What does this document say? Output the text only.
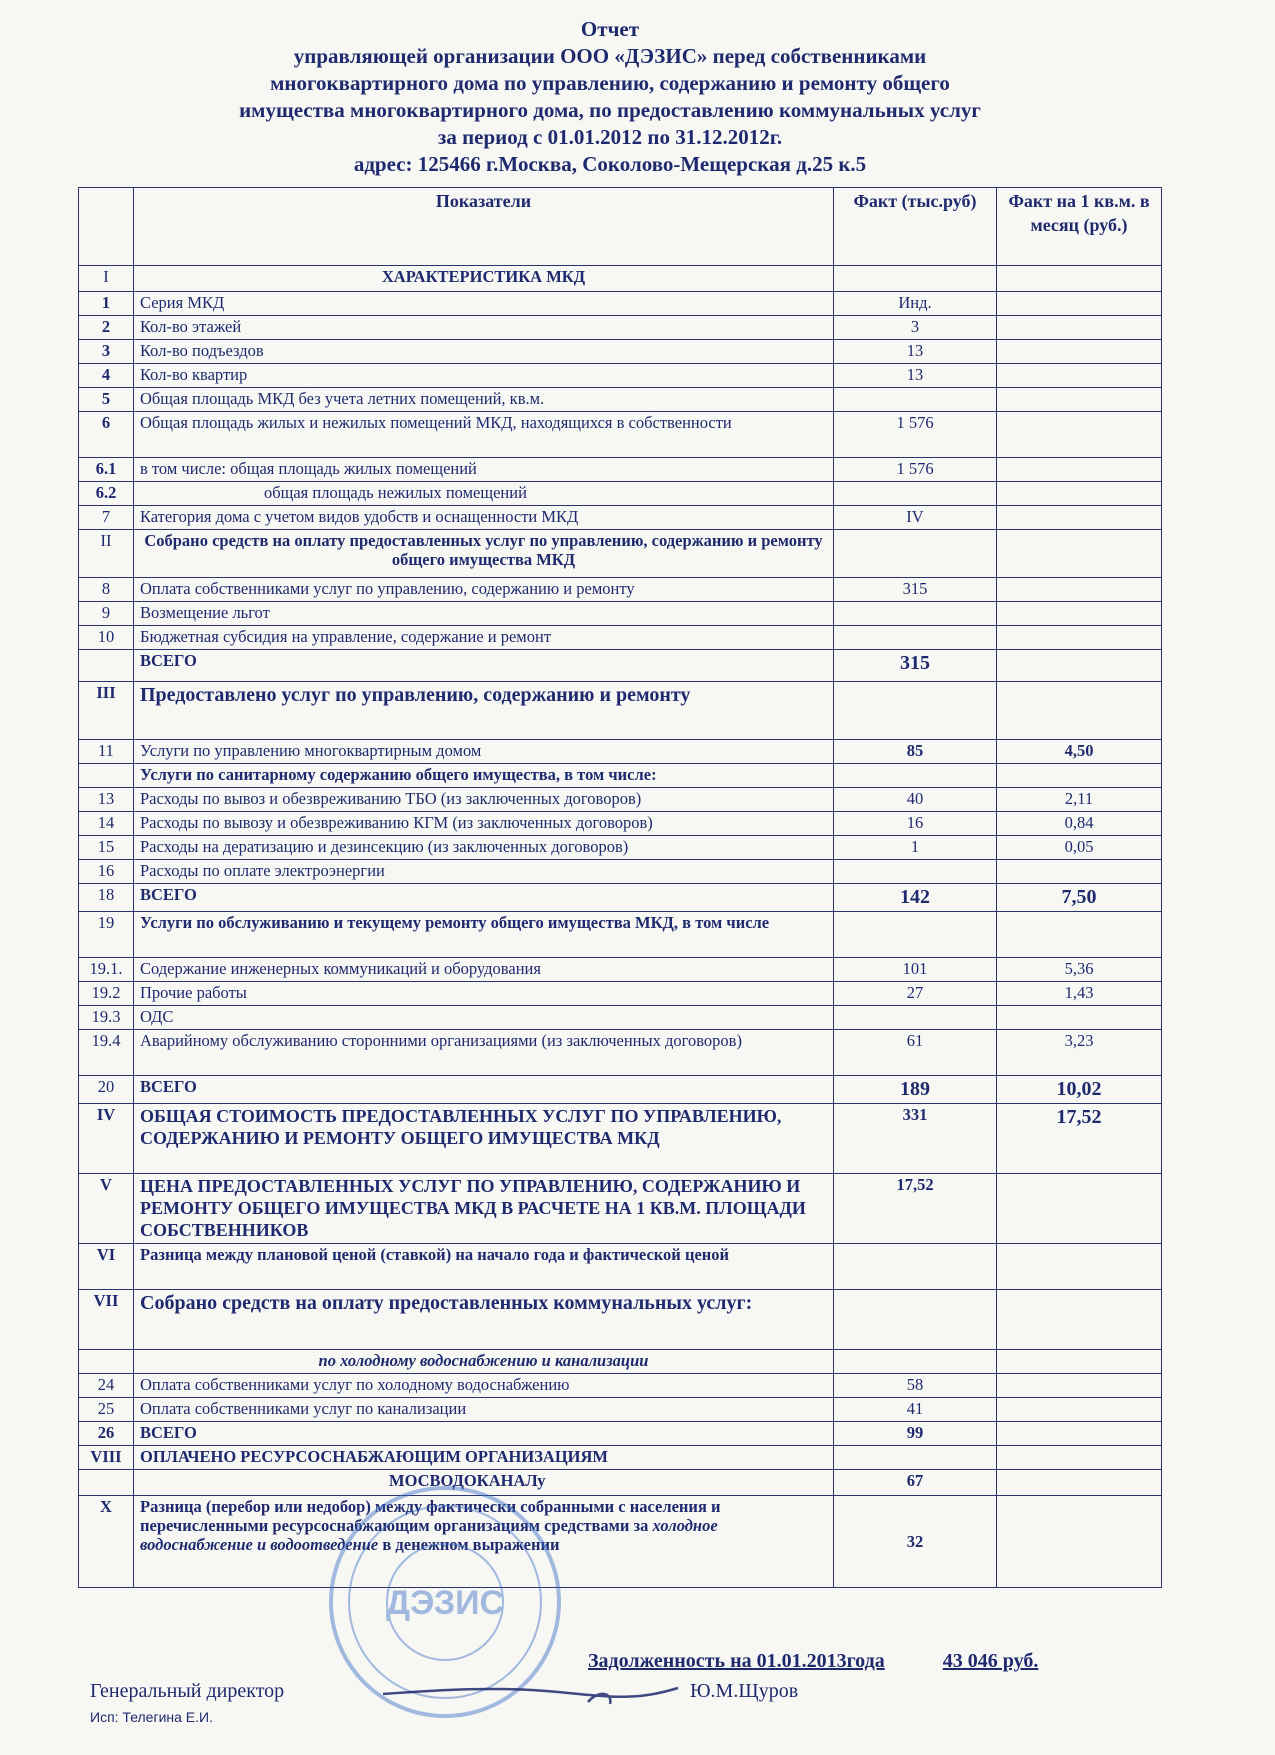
Отчет
управляющей организации ООО «ДЭЗИС» перед собственниками
многоквартирного дома по управлению, содержанию и ремонту общего
имущества многоквартирного дома, по предоставлению коммунальных услуг
за период с 01.01.2012 по 31.12.2012г.
адрес: 125466 г.Москва, Соколово-Мещерская д.25 к.5
	Показатели	Факт (тыс.руб)	Факт на 1 кв.м. в месяц (руб.)
I	ХАРАКТЕРИСТИКА МКД		
1	Серия МКД	Инд.	
2	Кол-во этажей	3	
3	Кол-во подъездов	13	
4	Кол-во квартир	13	
5	Общая площадь МКД без учета летних помещений, кв.м.		
6	Общая площадь жилых и нежилых помещений МКД, находящихся в собственности	1 576	
6.1	в том числе: общая площадь жилых помещений	1 576	
6.2	общая площадь нежилых помещений		
7	Категория дома с учетом видов удобств и оснащенности МКД	IV	
II	Собрано средств на оплату предоставленных услуг по управлению, содержанию и ремонту общего имущества МКД		
8	Оплата собственниками услуг по управлению, содержанию и ремонту	315	
9	Возмещение льгот		
10	Бюджетная субсидия на управление, содержание и ремонт		
	ВСЕГО	315	
III	Предоставлено услуг по управлению, содержанию и ремонту		
11	Услуги по управлению многоквартирным домом	85	4,50
	Услуги по санитарному содержанию общего имущества, в том числе:		
13	Расходы по вывоз и обезвреживанию ТБО (из заключенных договоров)	40	2,11
14	Расходы по вывозу и обезвреживанию КГМ (из заключенных договоров)	16	0,84
15	Расходы на дератизацию и дезинсекцию (из заключенных договоров)	1	0,05
16	Расходы по оплате электроэнергии		
18	ВСЕГО	142	7,50
19	Услуги по обслуживанию и текущему ремонту общего имущества МКД, в том числе		
19.1.	Содержание инженерных коммуникаций и оборудования	101	5,36
19.2	Прочие работы	27	1,43
19.3	ОДС		
19.4	Аварийному обслуживанию сторонними организациями (из заключенных договоров)	61	3,23
20	ВСЕГО	189	10,02
IV	ОБЩАЯ СТОИМОСТЬ ПРЕДОСТАВЛЕННЫХ УСЛУГ ПО УПРАВЛЕНИЮ, СОДЕРЖАНИЮ И РЕМОНТУ ОБЩЕГО ИМУЩЕСТВА МКД	331	17,52
V	ЦЕНА ПРЕДОСТАВЛЕННЫХ УСЛУГ ПО УПРАВЛЕНИЮ, СОДЕРЖАНИЮ И РЕМОНТУ ОБЩЕГО ИМУЩЕСТВА МКД В РАСЧЕТЕ НА 1 КВ.М. ПЛОЩАДИ СОБСТВЕННИКОВ	17,52	
VI	Разница между плановой ценой (ставкой) на начало года и фактической ценой		
VII	Собрано средств на оплату предоставленных коммунальных услуг:		
	по холодному водоснабжению и канализации		
24	Оплата собственниками услуг по холодному водоснабжению	58	
25	Оплата собственниками услуг по канализации	41	
26	ВСЕГО	99	
VIII	ОПЛАЧЕНО РЕСУРСОСНАБЖАЮЩИМ ОРГАНИЗАЦИЯМ		
	МОСВОДОКАНАЛу	67	
X	Разница (перебор или недобор) между фактически собранными с населения и перечисленными ресурсоснабжающим организациям средствами за холодное водоснабжение и водоотведение в денежном выражении	32	
ДЭЗИС
Задолженность на 01.01.2013года	43 046 руб.
Генеральный директор	Ю.М.Щуров
Исп: Телегина Е.И.
